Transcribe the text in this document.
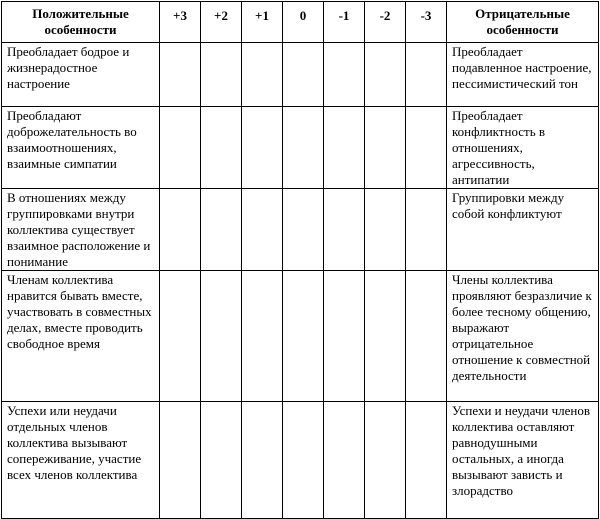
Положительные особенности	+3	+2	+1	0	-1	-2	-3	Отрицательные особенности
Преобладает бодрое и жизнерадостное настроение								Преобладает подавленное настроение, пессимистический тон
Преобладают доброжелательность во взаимоотношениях, взаимные симпатии								Преобладает конфликтность в отношениях, агрессивность, антипатии
В отношениях между группировками внутри коллектива существует взаимное расположение и понимание								Группировки между собой конфликтуют
Членам коллектива нравится бывать вместе, участвовать в совместных делах, вместе проводить свободное время								Члены коллектива проявляют безразличие к более тесному общению, выражают отрицательное отношение к совместной деятельности
Успехи или неудачи отдельных членов коллектива вызывают сопереживание, участие всех членов коллектива								Успехи и неудачи членов коллектива оставляют равнодушными остальных, а иногда вызывают зависть и злорадство
